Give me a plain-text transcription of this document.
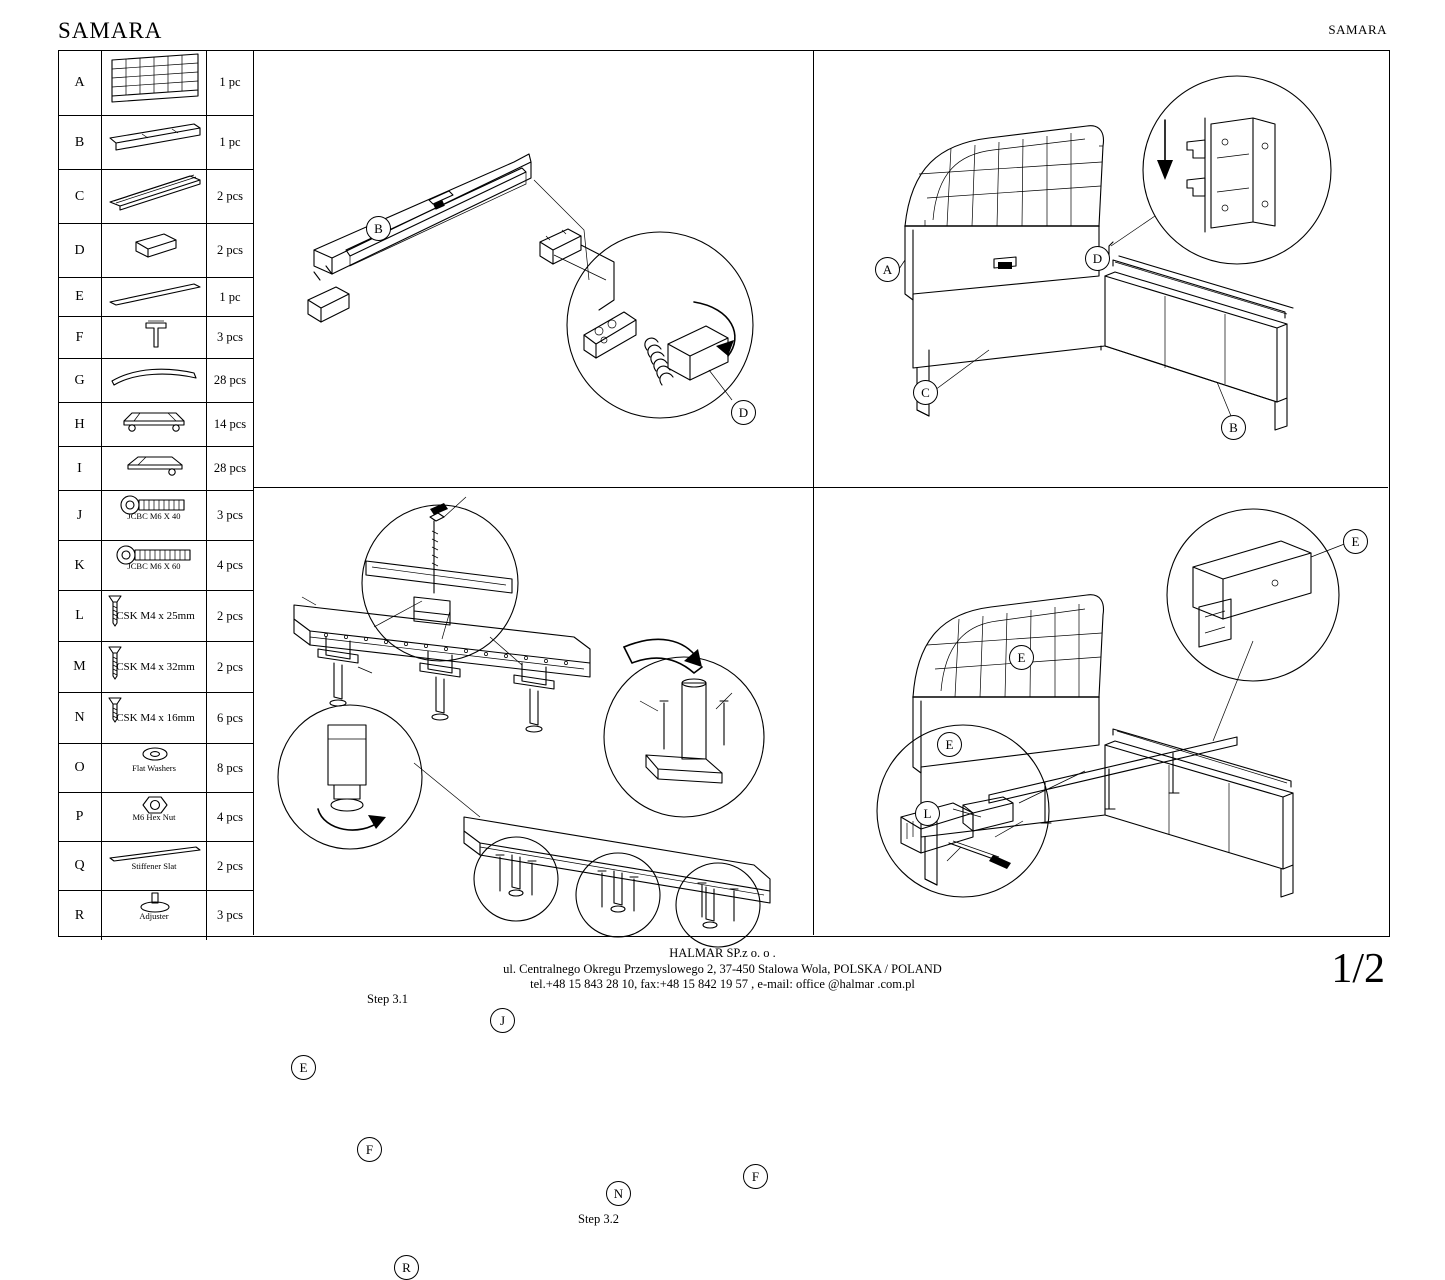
SAMARA	SAMARA
A	1 pc
B	1 pc
C	2 pcs
D	2 pcs
E	1 pc
F	3 pcs
G	28 pcs
H	14 pcs
I	28 pcs
J	JCBC M6 X 40	3 pcs
K	JCBC M6 X 60	4 pcs
L	CSK M4 x 25mm	2 pcs
M	CSK M4 x 32mm	2 pcs
N	CSK M4 x 16mm	6 pcs
O	Flat Washers	8 pcs
P	M6 Hex Nut	4 pcs
Q	Stiffener Slat	2 pcs
R	Adjuster	3 pcs
B
D
A
D
C
B
Step 3.1
Step 3.2
E
J
F
R
N
F
E
E
E
L
HALMAR SP.z o. o .
ul. Centralnego Okregu Przemyslowego 2, 37-450 Stalowa Wola, POLSKA / POLAND
tel.+48 15 843 28 10, fax:+48 15 842 19 57 , e-mail: office @halmar .com.pl	1/2
